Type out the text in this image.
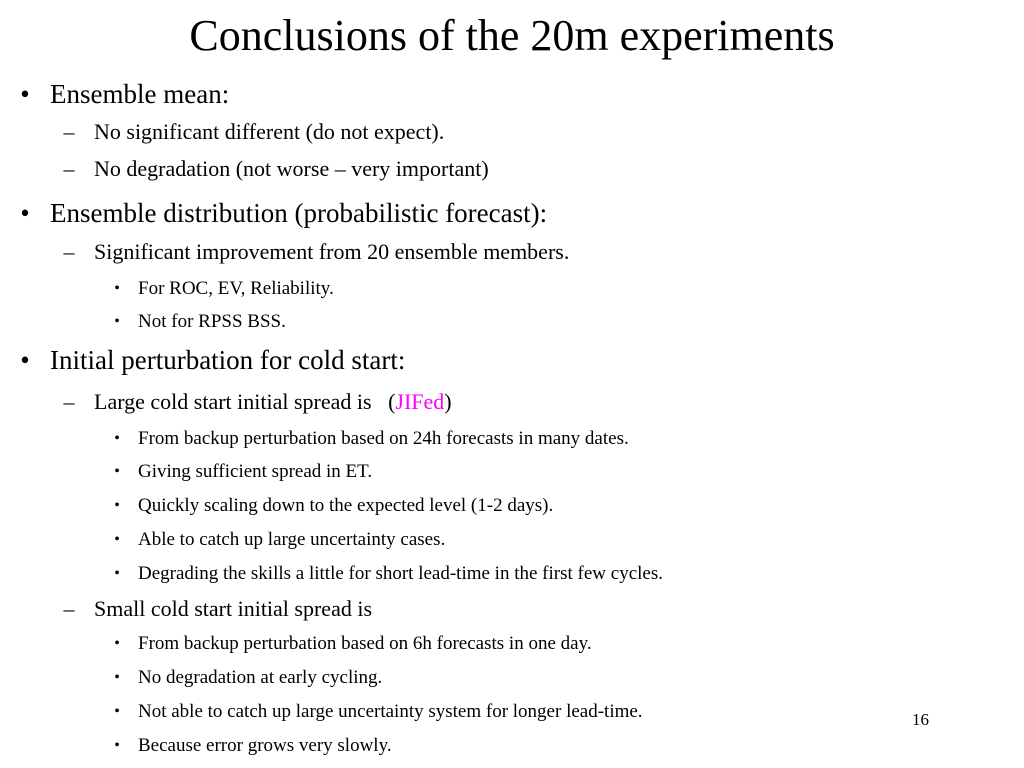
Conclusions of the 20m experiments
• Ensemble mean:
– No significant different (do not expect).
– No degradation (not worse – very important)
• Ensemble distribution (probabilistic forecast):
– Significant improvement from 20 ensemble members.
• For ROC, EV, Reliability.
• Not for RPSS BSS.
• Initial perturbation for cold start:
– Large cold start initial spread is   (JIFed)
• From backup perturbation based on 24h forecasts in many dates.
• Giving sufficient spread in ET.
• Quickly scaling down to the expected level (1-2 days).
• Able to catch up large uncertainty cases.
• Degrading the skills a little for short lead-time in the first few cycles.
– Small cold start initial spread is
• From backup perturbation based on 6h forecasts in one day.
• No degradation at early cycling.
• Not able to catch up large uncertainty system for longer lead-time.
• Because error grows very slowly.
16
